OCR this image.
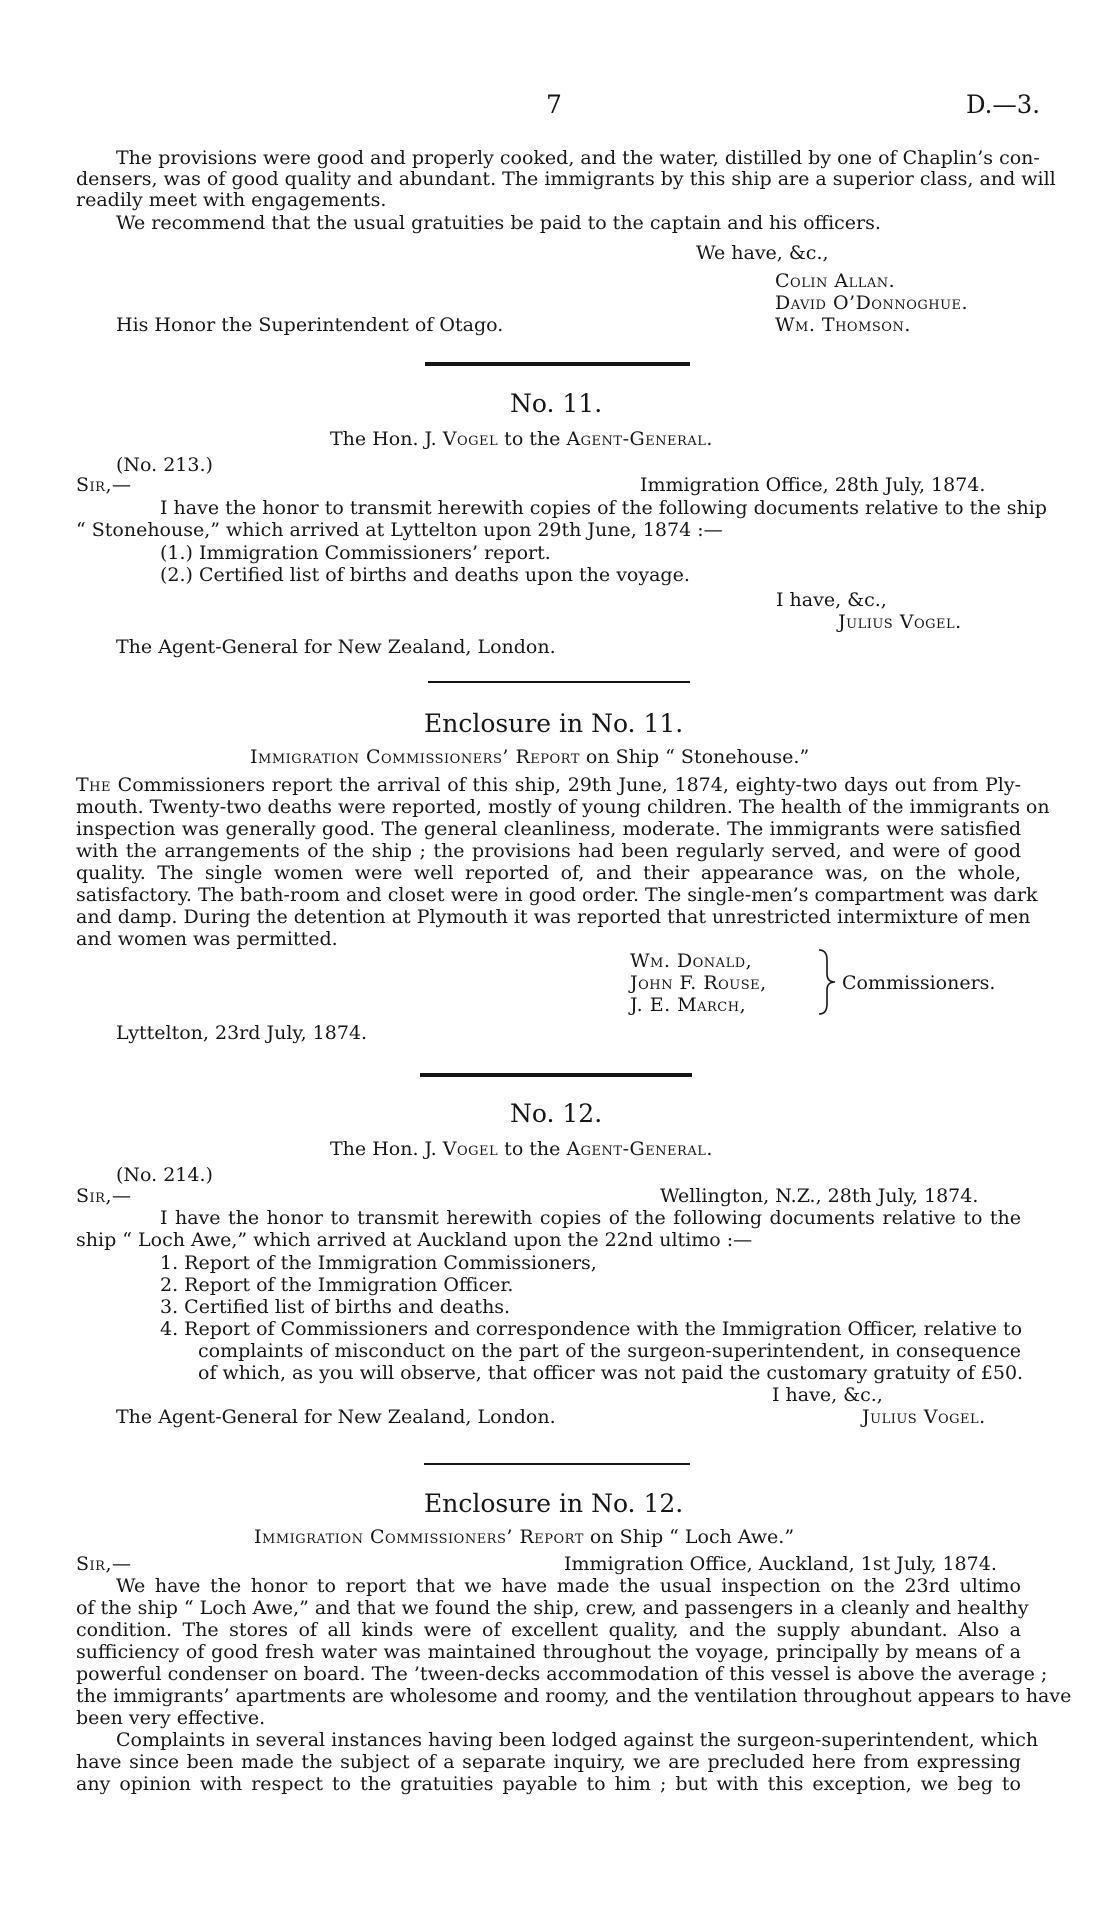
7	D.—3.
The provisions were good and properly cooked, and the water, distilled by one of Chaplin’s con-
densers, was of good quality and abundant. The immigrants by this ship are a superior class, and will
readily meet with engagements.
We recommend that the usual gratuities be paid to the captain and his officers.
We have, &c.,
Colin Allan.
David O’Donnoghue.
Wm. Thomson.
His Honor the Superintendent of Otago.
No. 11.
The Hon. J. Vogel to the Agent-General.
(No. 213.)
Sir,—	Immigration Office, 28th July, 1874.
I have the honor to transmit herewith copies of the following documents relative to the ship
“ Stonehouse,” which arrived at Lyttelton upon 29th June, 1874 :—
(1.) Immigration Commissioners’ report.
(2.) Certified list of births and deaths upon the voyage.
I have, &c.,
Julius Vogel.
The Agent-General for New Zealand, London.
Enclosure in No. 11.
Immigration Commissioners’ Report on Ship “ Stonehouse.”
The Commissioners report the arrival of this ship, 29th June, 1874, eighty-two days out from Ply-
mouth. Twenty-two deaths were reported, mostly of young children. The health of the immigrants on
inspection was generally good. The general cleanliness, moderate. The immigrants were satisfied
with the arrangements of the ship ; the provisions had been regularly served, and were of good
quality. The single women were well reported of, and their appearance was, on the whole,
satisfactory. The bath-room and closet were in good order. The single-men’s compartment was dark
and damp. During the detention at Plymouth it was reported that unrestricted intermixture of men
and women was permitted.
Wm. Donald,
John F. Rouse,
J. E. March,
Commissioners.
Lyttelton, 23rd July, 1874.
No. 12.
The Hon. J. Vogel to the Agent-General.
(No. 214.)
Sir,—	Wellington, N.Z., 28th July, 1874.
I have the honor to transmit herewith copies of the following documents relative to the
ship “ Loch Awe,” which arrived at Auckland upon the 22nd ultimo :—
1. Report of the Immigration Commissioners,
2. Report of the Immigration Officer.
3. Certified list of births and deaths.
4. Report of Commissioners and correspondence with the Immigration Officer, relative to
complaints of misconduct on the part of the surgeon-superintendent, in consequence
of which, as you will observe, that officer was not paid the customary gratuity of £50.
I have, &c.,
Julius Vogel.
The Agent-General for New Zealand, London.
Enclosure in No. 12.
Immigration Commissioners’ Report on Ship “ Loch Awe.”
Sir,—	Immigration Office, Auckland, 1st July, 1874.
We have the honor to report that we have made the usual inspection on the 23rd ultimo
of the ship “ Loch Awe,” and that we found the ship, crew, and passengers in a cleanly and healthy
condition. The stores of all kinds were of excellent quality, and the supply abundant. Also a
sufficiency of good fresh water was maintained throughout the voyage, principally by means of a
powerful condenser on board. The ’tween-decks accommodation of this vessel is above the average ;
the immigrants’ apartments are wholesome and roomy, and the ventilation throughout appears to have
been very effective.
Complaints in several instances having been lodged against the surgeon-superintendent, which
have since been made the subject of a separate inquiry, we are precluded here from expressing
any opinion with respect to the gratuities payable to him ; but with this exception, we beg to
